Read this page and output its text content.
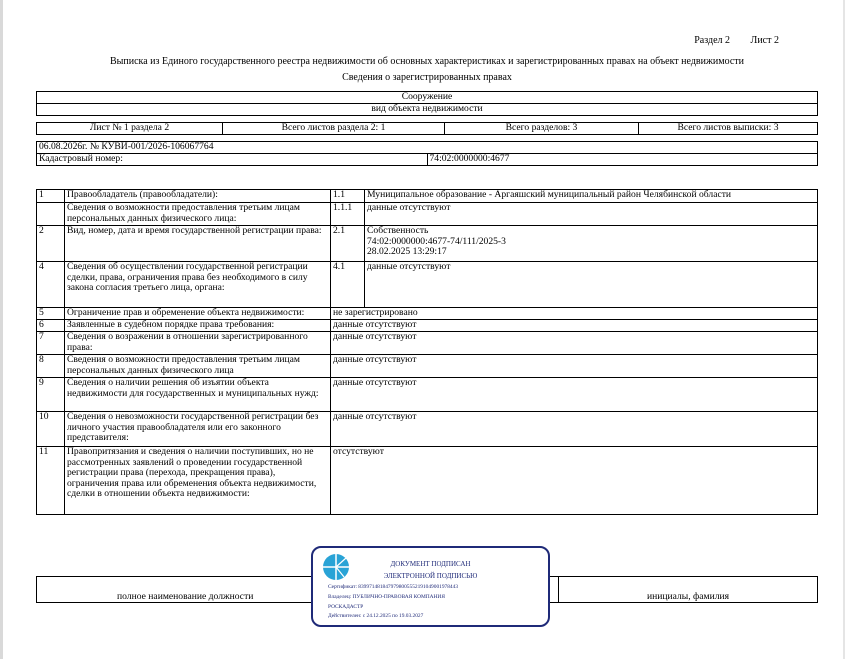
Раздел 2 Лист 2
Выписка из Единого государственного реестра недвижимости об основных характеристиках и зарегистрированных правах на объект недвижимости
Сведения о зарегистрированных правах
Сооружение
вид объекта недвижимости
Лист № 1 раздела 2	Всего листов раздела 2: 1	Всего разделов: 3	Всего листов выписки: 3
06.08.2026г. № КУВИ-001/2026-106067764
Кадастровый номер:	74:02:0000000:4677
1	Правообладатель (правообладатели):	1.1	Муниципальное образование - Аргаяшский муниципальный район Челябинской области
	Сведения о возможности предоставления третьим лицам персональных данных физического лица:	1.1.1	данные отсутствуют
2	Вид, номер, дата и время государственной регистрации права:	2.1	Собственность
74:02:0000000:4677-74/111/2025-3
28.02.2025 13:29:17
4	Сведения об осуществлении государственной регистрации сделки, права, ограничения права без необходимого в силу закона согласия третьего лица, органа:	4.1	данные отсутствуют
5	Ограничение прав и обременение объекта недвижимости:	не зарегистрировано	
6	Заявленные в судебном порядке права требования:	данные отсутствуют	
7	Сведения о возражении в отношении зарегистрированного права:	данные отсутствуют	
8	Сведения о возможности предоставления третьим лицам персональных данных физического лица	данные отсутствуют	
9	Сведения о наличии решения об изъятии объекта недвижимости для государственных и муниципальных нужд:	данные отсутствуют	
10	Сведения о невозможности государственной регистрации без личного участия правообладателя или его законного представителя:	данные отсутствуют	
11	Правопритязания и сведения о наличии поступивших, но не рассмотренных заявлений о проведении государственной регистрации права (перехода, прекращения права), ограничения права или обременения объекта недвижимости, сделки в отношении объекта недвижимости:	отсутствуют	
полное наименование должности	инициалы, фамилия
ДОКУМЕНТ ПОДПИСАН
ЭЛЕКТРОННОЙ ПОДПИСЬЮ
Сертификат: 8399714818479798005552191049001978443
Владелец: ПУБЛИЧНО-ПРАВОВАЯ КОМПАНИЯ
РОСКАДАСТР
Действителен: с 24.12.2025 по 19.03.2027
